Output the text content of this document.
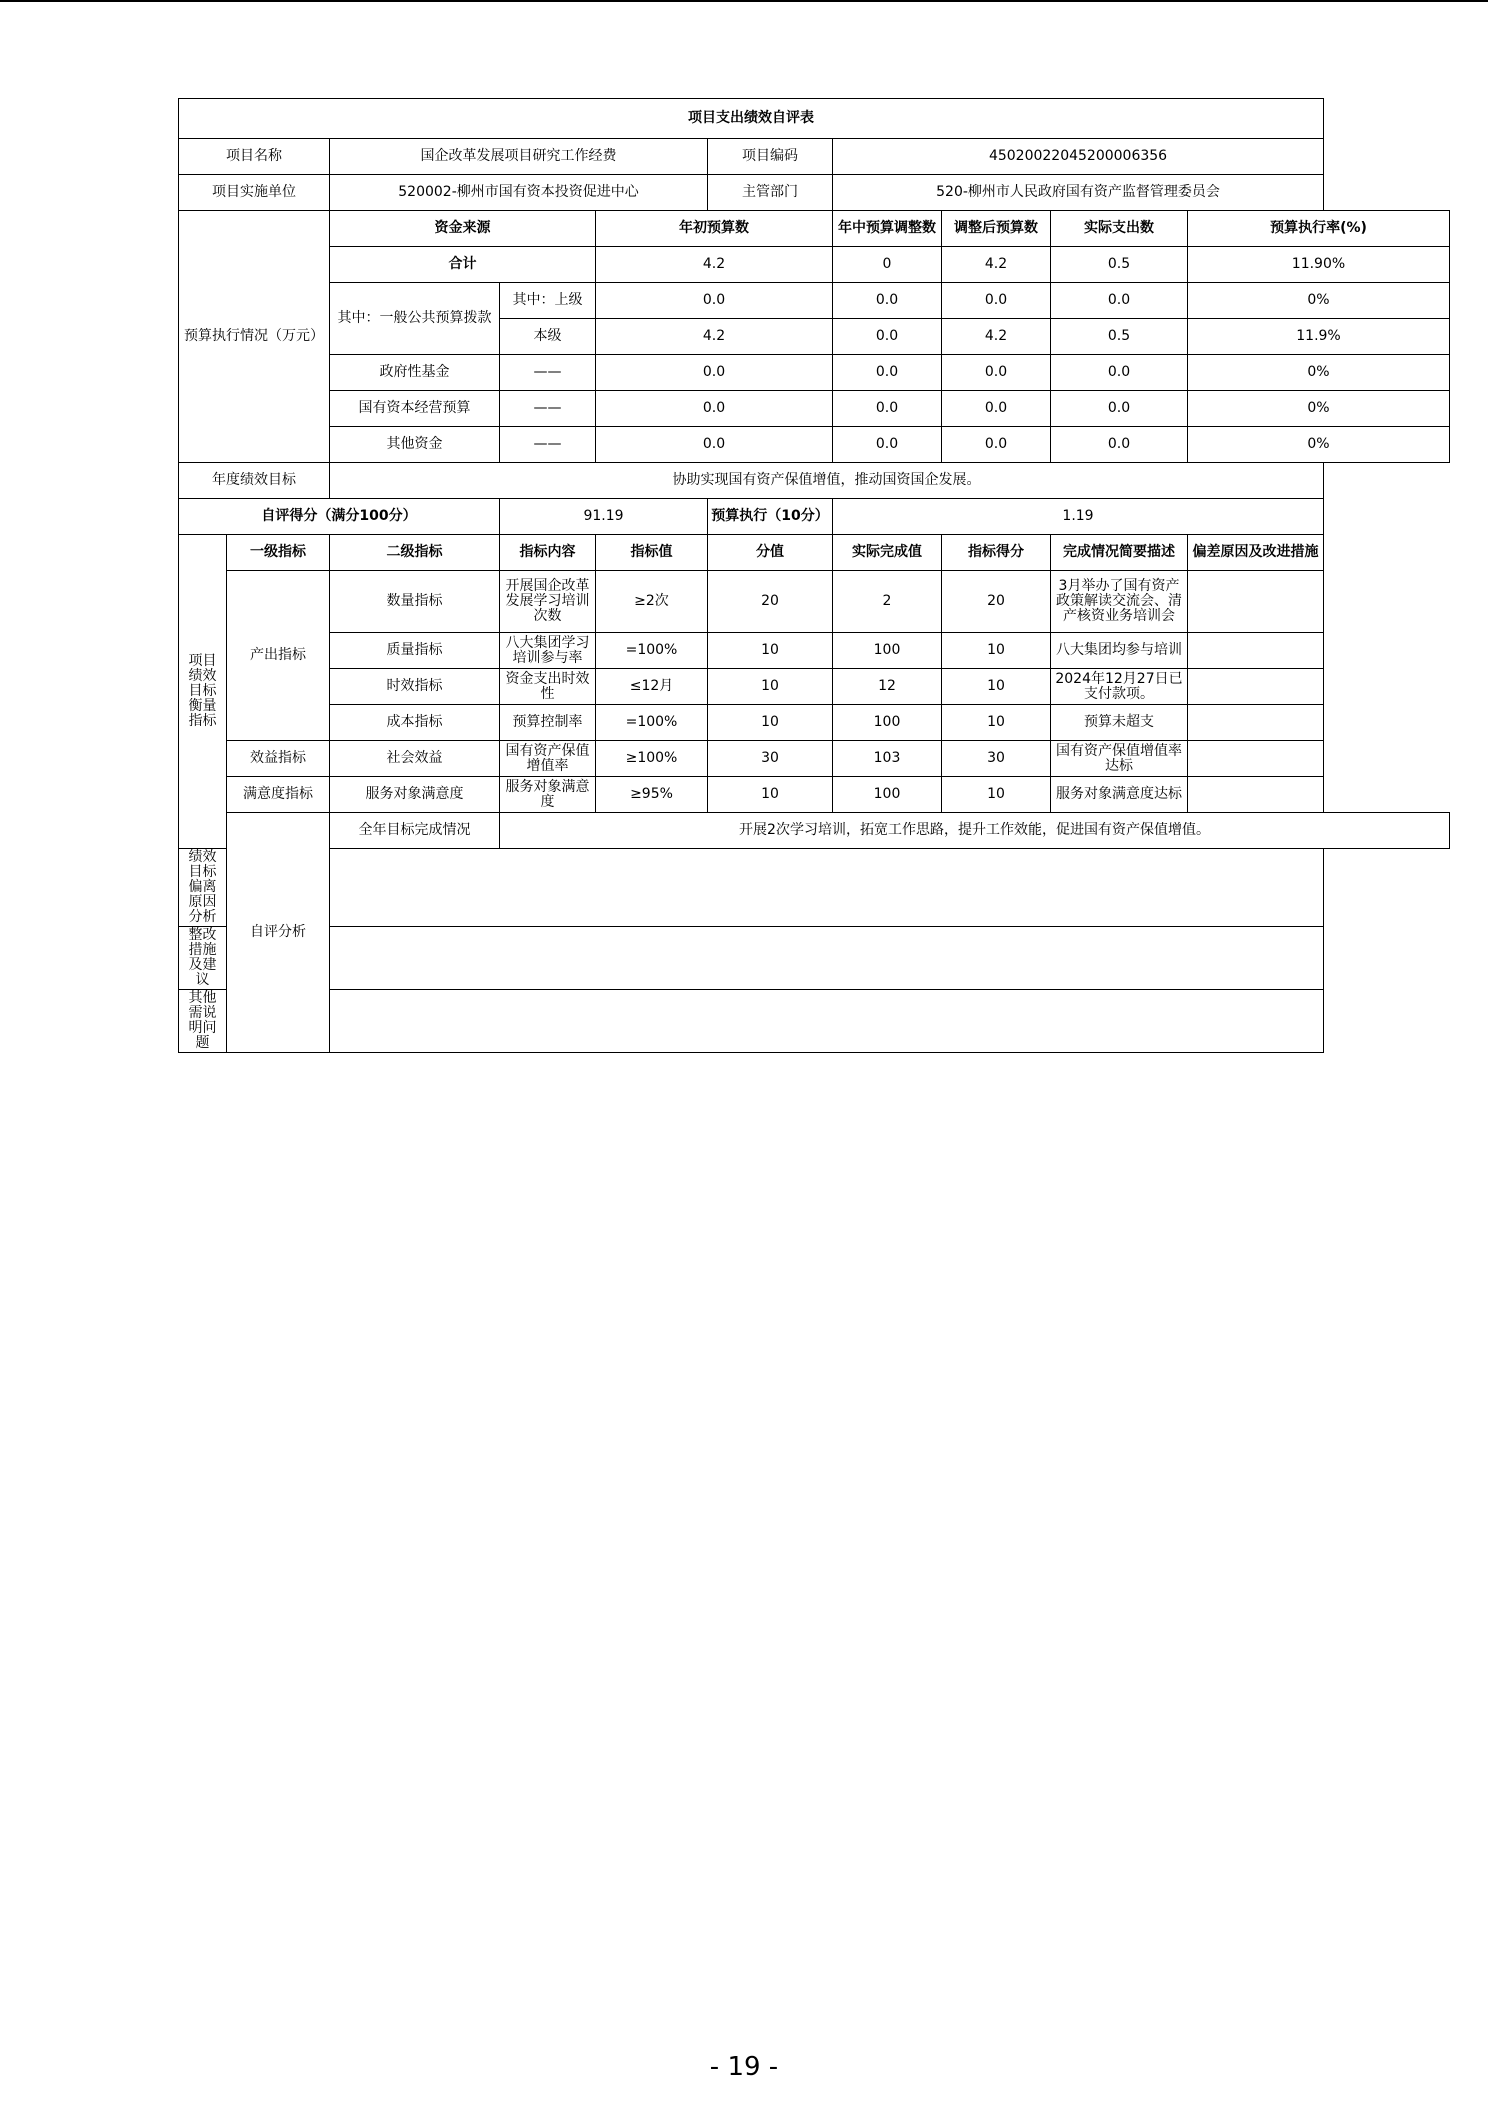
项目支出绩效自评表									
项目名称		国企改革发展项目研究工作经费			项目编码	45020022045200006356			
项目实施单位		520002-柳州市国有资本投资促进中心			主管部门	520-柳州市人民政府国有资产监督管理委员会			
预算执行情况（万元）		资金来源		年初预算数		年中预算调整数	调整后预算数	实际支出数	预算执行率(%)
		合计		4.2		0	4.2	0.5	11.90%
		其中：一般公共预算拨款	其中：上级	0.0		0.0	0.0	0.0	0%
			本级	4.2		0.0	4.2	0.5	11.9%
		政府性基金	——	0.0		0.0	0.0	0.0	0%
		国有资本经营预算	——	0.0		0.0	0.0	0.0	0%
		其他资金	——	0.0		0.0	0.0	0.0	0%
年度绩效目标		协助实现国有资产保值增值，推动国资国企发展。							
自评得分（满分100分）			91.19		预算执行（10分）	1.19			
项目绩效目标衡量指标	一级指标	二级指标	指标内容	指标值	分值	实际完成值	指标得分	完成情况简要描述	偏差原因及改进措施
	产出指标	数量指标	开展国企改革发展学习培训次数	≥2次	20	2	20	3月举办了国有资产政策解读交流会、清产核资业务培训会	
		质量指标	八大集团学习培训参与率	=100%	10	100	10	八大集团均参与培训	
		时效指标	资金支出时效性	≤12月	10	12	10	2024年12月27日已支付款项。	
		成本指标	预算控制率	=100%	10	100	10	预算未超支	
	效益指标	社会效益	国有资产保值增值率	≥100%	30	103	30	国有资产保值增值率达标	
	满意度指标	服务对象满意度	服务对象满意度	≥95%	10	100	10	服务对象满意度达标	
	自评分析	全年目标完成情况	开展2次学习培训，拓宽工作思路，提升工作效能，促进国有资产保值增值。						
绩效目标偏离原因分析									
整改措施及建议									
其他需说明问题									
- 19 -
